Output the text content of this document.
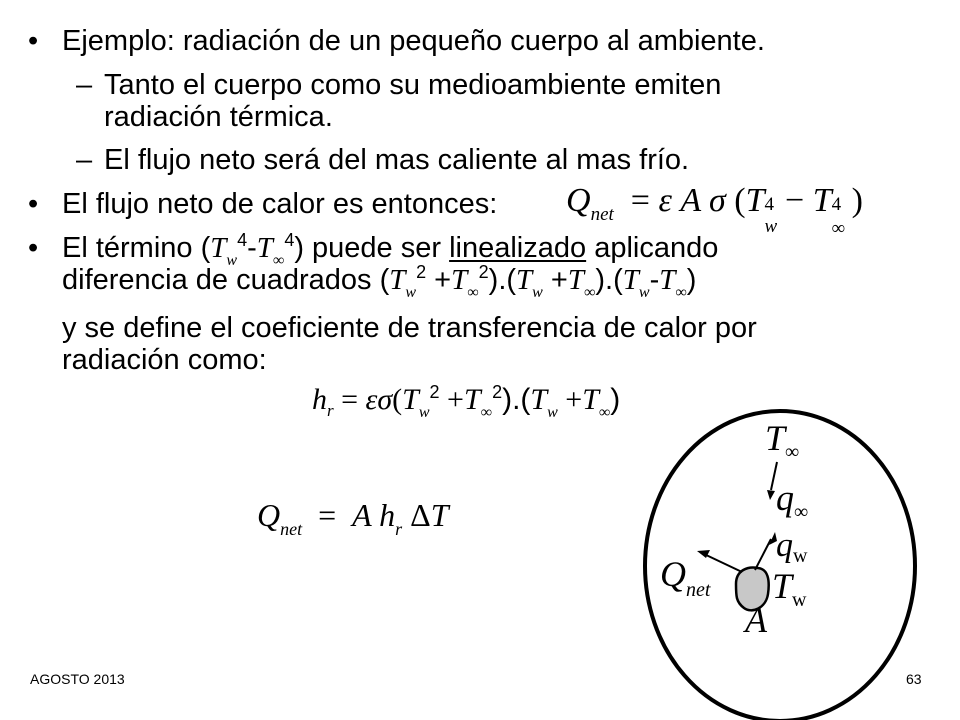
• Ejemplo: radiación de un pequeño cuerpo al ambiente.
– Tanto el cuerpo como su medioambiente emiten
radiación térmica.
– El flujo neto será del mas caliente al mas frío.
• El flujo neto de calor es entonces: $Q_{net} = \varepsilon$ A σ (T 4
w
− T 4
∞
)
• El término $(T_w^4-T_\infty^4)$ puede ser linealizado aplicando
diferencia de cuadrados $(T_w^2 +T_\infty^2).(T_w +T_\infty).(T_w-T_\infty)$
y se define el coeficiente de transferencia de calor por
radiación como:
$h_r = \varepsilon\sigma(T_w^2 +T_\infty^2).(T_w +T_\infty)$
$Q_{net} = A$ $h_r$ ΔT
$T_\infty$
$q_\infty$
qw
$Q_{net}$ $T_w$
A
AGOSTO 2013	63
